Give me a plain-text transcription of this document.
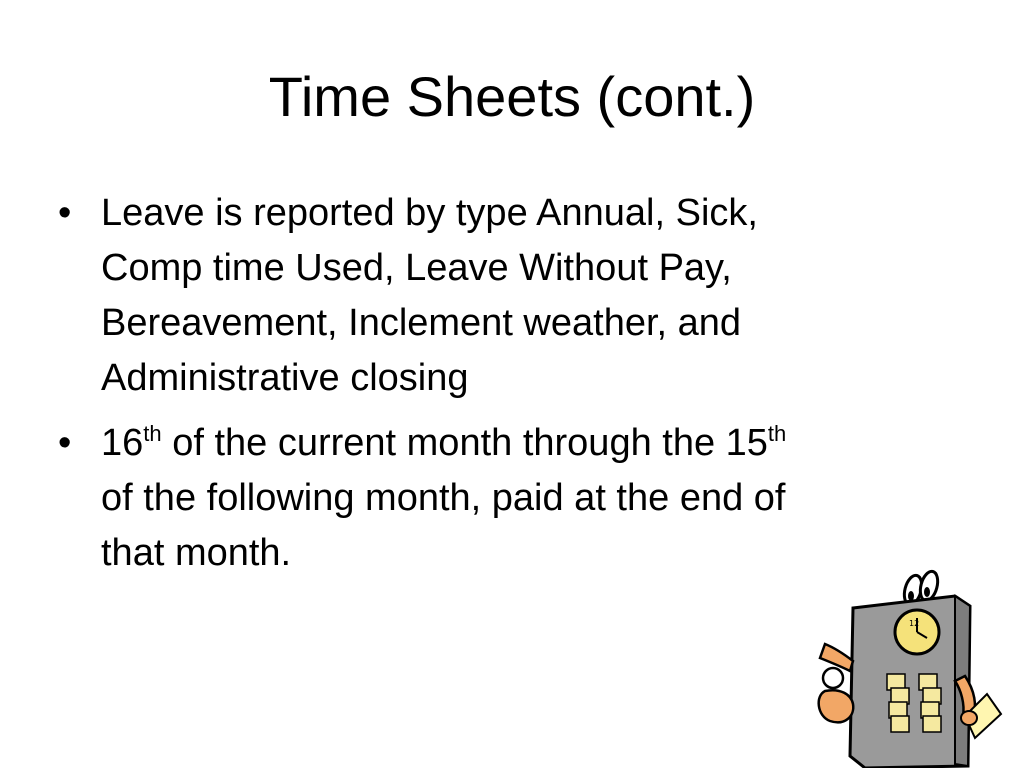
Time Sheets (cont.)
• Leave is reported by type Annual, Sick,
Comp time Used, Leave Without Pay,
Bereavement, Inclement weather, and
Administrative closing
• 16th of the current month through the 15th
of the following month, paid at the end of
that month.
12
